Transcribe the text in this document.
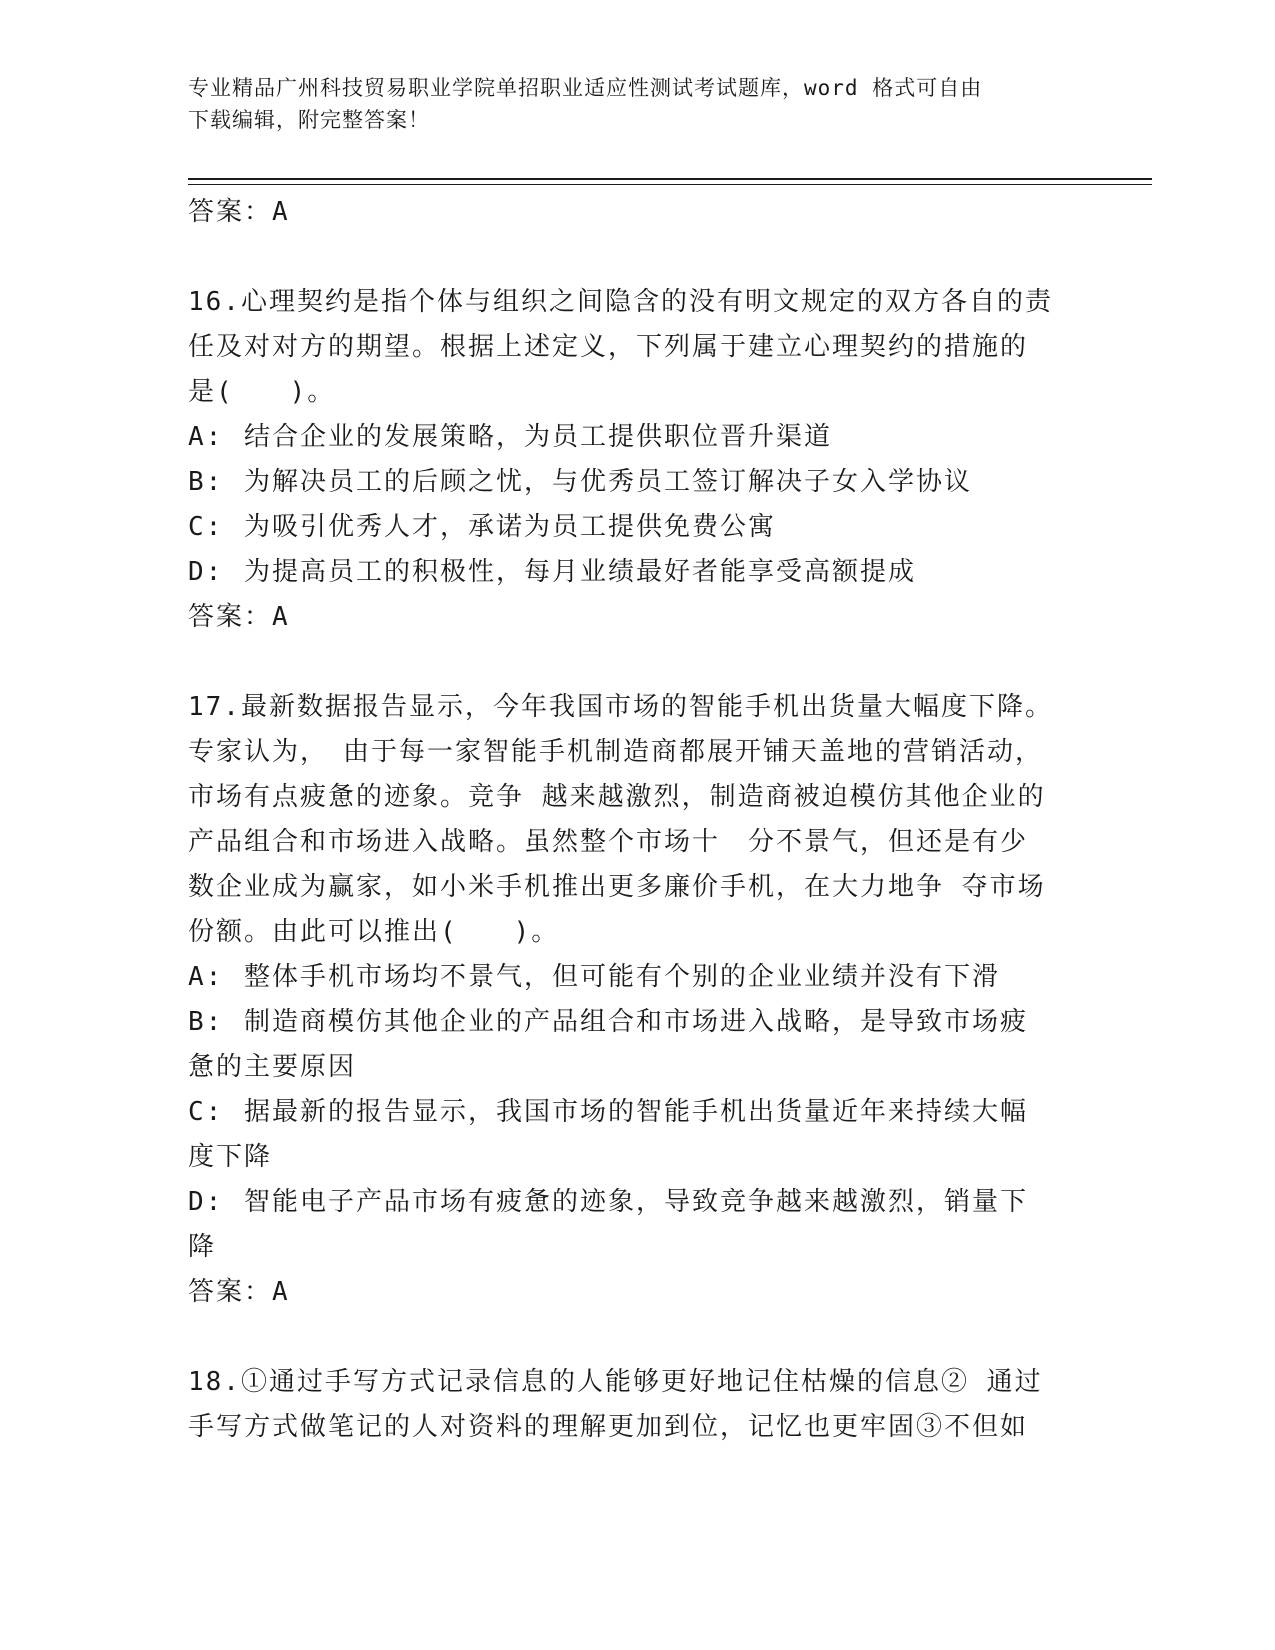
专业精品广州科技贸易职业学院单招职业适应性测试考试题库，word 格式可自由
下载编辑，附完整答案！
答案：A
16.心理契约是指个体与组织之间隐含的没有明文规定的双方各自的责
任及对对方的期望。根据上述定义，下列属于建立心理契约的措施的
是(　　)。
A: 结合企业的发展策略，为员工提供职位晋升渠道
B: 为解决员工的后顾之忧，与优秀员工签订解决子女入学协议
C: 为吸引优秀人才，承诺为员工提供免费公寓
D: 为提高员工的积极性，每月业绩最好者能享受高额提成
答案：A
17.最新数据报告显示，今年我国市场的智能手机出货量大幅度下降。
专家认为，　由于每一家智能手机制造商都展开铺天盖地的营销活动，
市场有点疲惫的迹象。竞争 越来越激烈，制造商被迫模仿其他企业的
产品组合和市场进入战略。虽然整个市场十　分不景气，但还是有少
数企业成为赢家，如小米手机推出更多廉价手机，在大力地争 夺市场
份额。由此可以推出(　　)。
A: 整体手机市场均不景气，但可能有个别的企业业绩并没有下滑
B: 制造商模仿其他企业的产品组合和市场进入战略，是导致市场疲
惫的主要原因
C: 据最新的报告显示，我国市场的智能手机出货量近年来持续大幅
度下降
D: 智能电子产品市场有疲惫的迹象，导致竞争越来越激烈，销量下
降
答案：A
18.①通过手写方式记录信息的人能够更好地记住枯燥的信息② 通过
手写方式做笔记的人对资料的理解更加到位，记忆也更牢固③不但如
